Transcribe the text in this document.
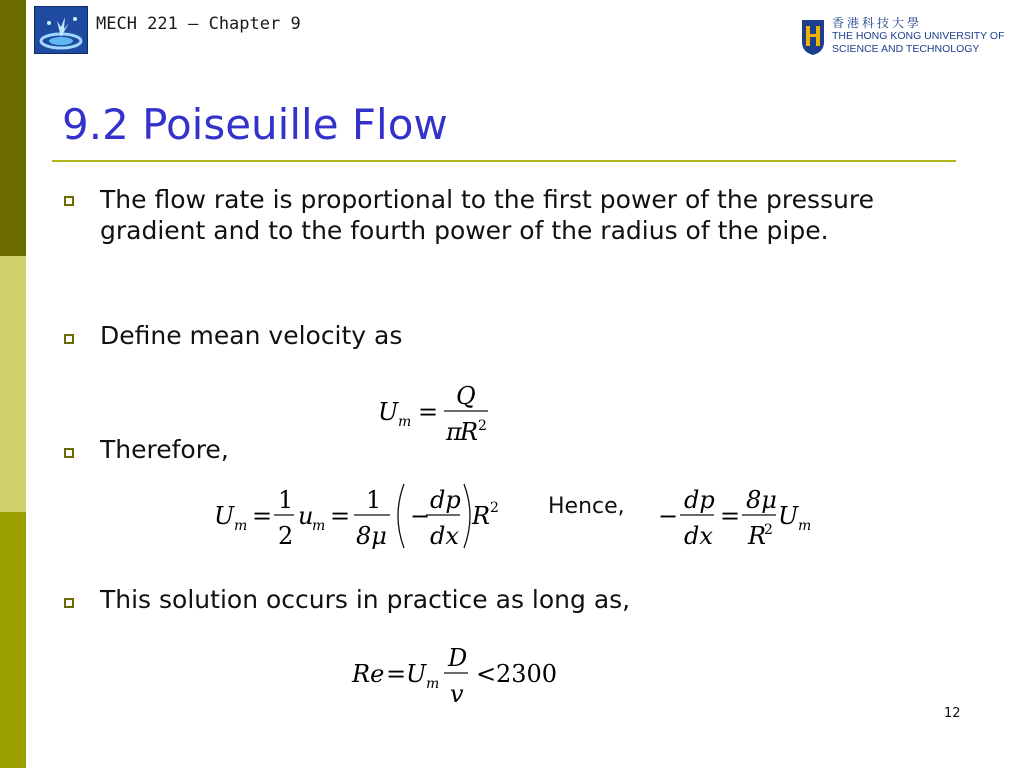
MECH 221 – Chapter 9	香港科技大學
THE HONG KONG UNIVERSITY OF
SCIENCE AND TECHNOLOGY
9.2 Poiseuille Flow
The flow rate is proportional to the first power of the pressure gradient and to the fourth power of the radius of the pipe.
Define mean velocity as
U m =
Q
π
R 2
Therefore,
U m =
1
2
u
m =
1
8μ
−
dp
dx
R 2 Hence, −
dp
dx
=
8μ
R
2 U m
This solution occurs in practice as long as,
Re = U m
D
v
< 2300
12
